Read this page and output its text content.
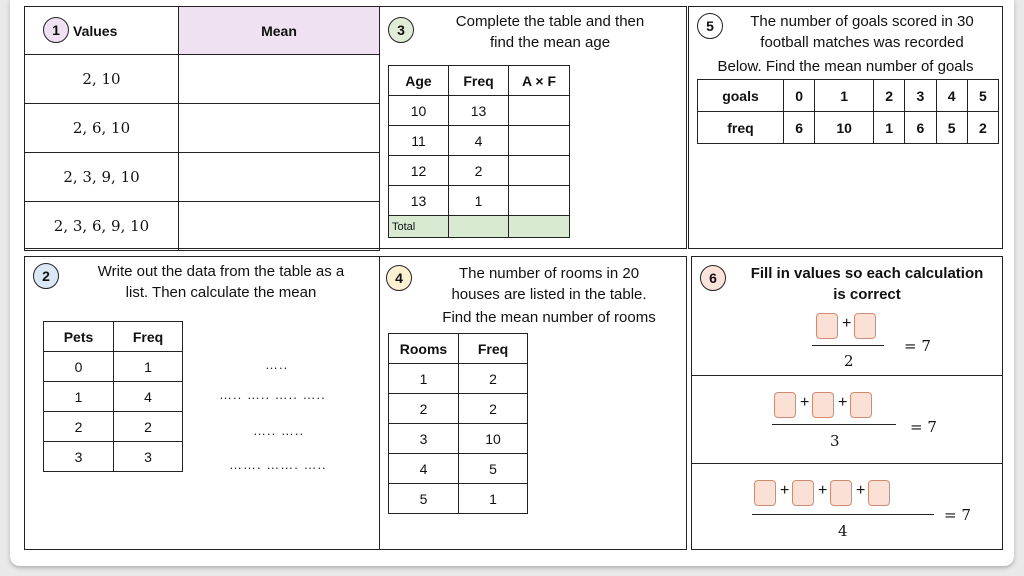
Values	Mean
2, 10	
2, 6, 10	
2, 3, 9, 10	
2, 3, 6, 9, 10	
1	3	Complete the table and then
find the mean age
Age	Freq	A × F
10	13	
11	4	
12	2	
13	1	
Total		
5	The number of goals scored in 30
football matches was recorded
Below. Find the mean number of goals
goals	0	1	2	3	4	5
freq	6	10	1	6	5	2
2	Write out the data from the table as a
list. Then calculate the mean
Pets	Freq
0	1
1	4
2	2
3	3
…..
….. ….. ….. …..
….. …..
……. ……. …..
4	The number of rooms in 20
houses are listed in the table.
Find the mean number of rooms
Rooms	Freq
1	2
2	2
3	10
4	5
5	1
6	Fill in values so each calculation
is correct
+
2
= 7
+ +
3
= 7
+ + +
4
= 7
